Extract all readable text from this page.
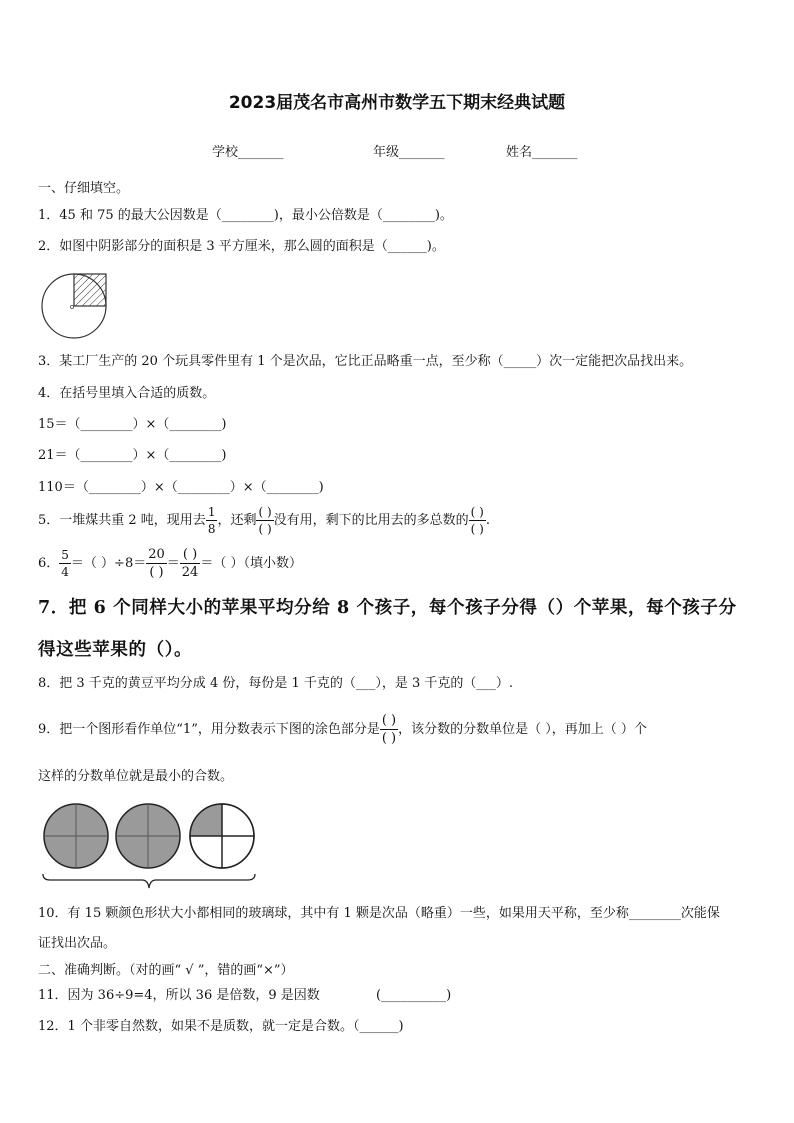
2023届茂名市高州市数学五下期末经典试题
学校_______	年级_______	姓名_______
一、仔细填空。
1．45 和 75 的最大公因数是（________)，最小公倍数是（________)。
2．如图中阴影部分的面积是 3 平方厘米，那么圆的面积是（______)。
3．某工厂生产的 20 个玩具零件里有 1 个是次品，它比正品略重一点，至少称（_____）次一定能把次品找出来。
4．在括号里填入合适的质数。
15＝（________）×（________)
21＝（________）×（________)
110＝（________）×（________）×（________)
5．一堆煤共重 2 吨，现用去 $\frac{1}{8}$ ，还剩 $\frac{( )}{( )}$ 没有用，剩下的比用去的多总数的 $\frac{( )}{( )}$ .
6． $\frac{5}{4}$ ＝（ ）$\div 8= \frac{20}{( )} = \frac{( )}{24}$ ＝（ ）（填小数）
7．把 6 个同样大小的苹果平均分给 8 个孩子，每个孩子分得（）个苹果，每个孩子分
得这些苹果的（）。
8．把 3 千克的黄豆平均分成 4 份，每份是 1 千克的（___），是 3 千克的（___）.
9．把一个图形看作单位“1”，用分数表示下图的涂色部分是 $\frac{( )}{( )}$ ，该分数的分数单位是（ ），再加上（ ）个
这样的分数单位就是最小的合数。
10．有 15 颗颜色形状大小都相同的玻璃球，其中有 1 颗是次品（略重）一些，如果用天平称，至少称________次能保
证找出次品。
二、准确判断。（对的画“ √ ”，错的画“×”）
11．因为 36÷9=4，所以 36 是倍数，9 是因数	(__________)
12．1 个非零自然数，如果不是质数，就一定是合数。（______)
